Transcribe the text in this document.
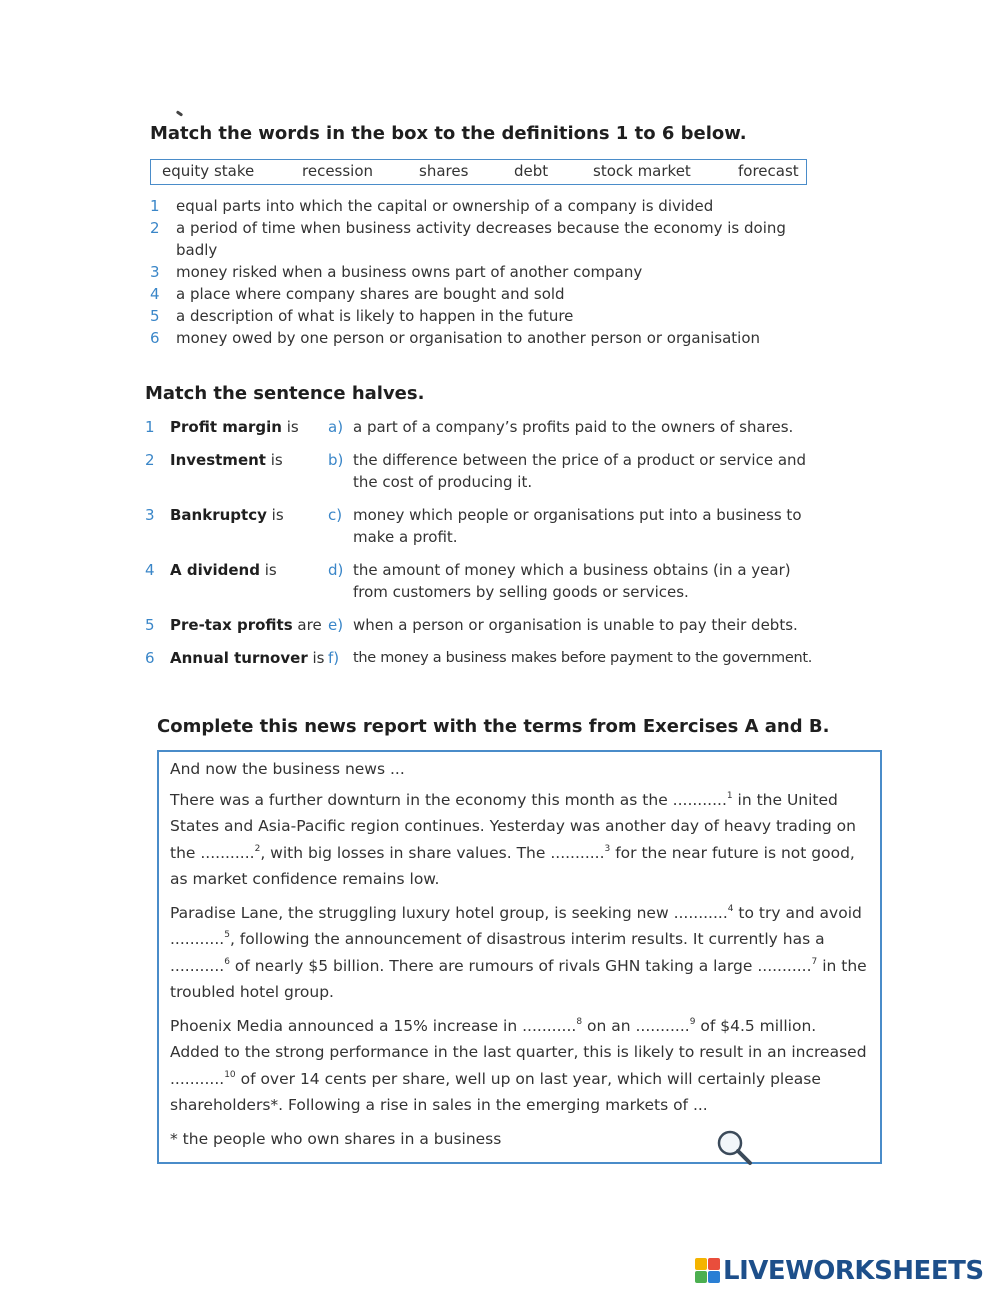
Match the words in the box to the definitions 1 to 6 below.
equity stake	recession	shares	debt	stock market	forecast
1 equal parts into which the capital or ownership of a company is divided
2 a period of time when business activity decreases because the economy is doing badly
3 money risked when a business owns part of another company
4 a place where company shares are bought and sold
5 a description of what is likely to happen in the future
6 money owed by one person or organisation to another person or organisation
Match the sentence halves.
1 Profit margin is a) a part of a company’s profits paid to the owners of shares.
2 Investment is	b) the difference between the price of a product or service and the cost of producing it.
3 Bankruptcy is	c) money which people or organisations put into a business to make a profit.
4 A dividend is	d) the amount of money which a business obtains (in a year) from customers by selling goods or services.
5 Pre-tax profits are e) when a person or organisation is unable to pay their debts.
6 Annual turnover is f) the money a business makes before payment to the government.
Complete this news report with the terms from Exercises A and B.

And now the business news ...

There was a further downturn in the economy this month as the ...........$^1$ in the United States and Asia-Pacific region continues. Yesterday was another day of heavy trading on the ...........$^2$, with big losses in share values. The ...........$^3$ for the near future is not good, as market confidence remains low.

Paradise Lane, the struggling luxury hotel group, is seeking new ...........$^4$ to try and avoid ...........$^5$, following the announcement of disastrous interim results. It currently has a ...........$^6$ of nearly $5 billion. There are rumours of rivals GHN taking a large ...........$^7$ in the troubled hotel group.

Phoenix Media announced a 15% increase in ...........$^8$ on an ...........$^9$ of $4.5 million. Added to the strong performance in the last quarter, this is likely to result in an increased ...........$^{10}$ of over 14 cents per share, well up on last year, which will certainly please shareholders*. Following a rise in sales in the emerging markets of ...

* the people who own shares in a business

LIVEWORKSHEETS
